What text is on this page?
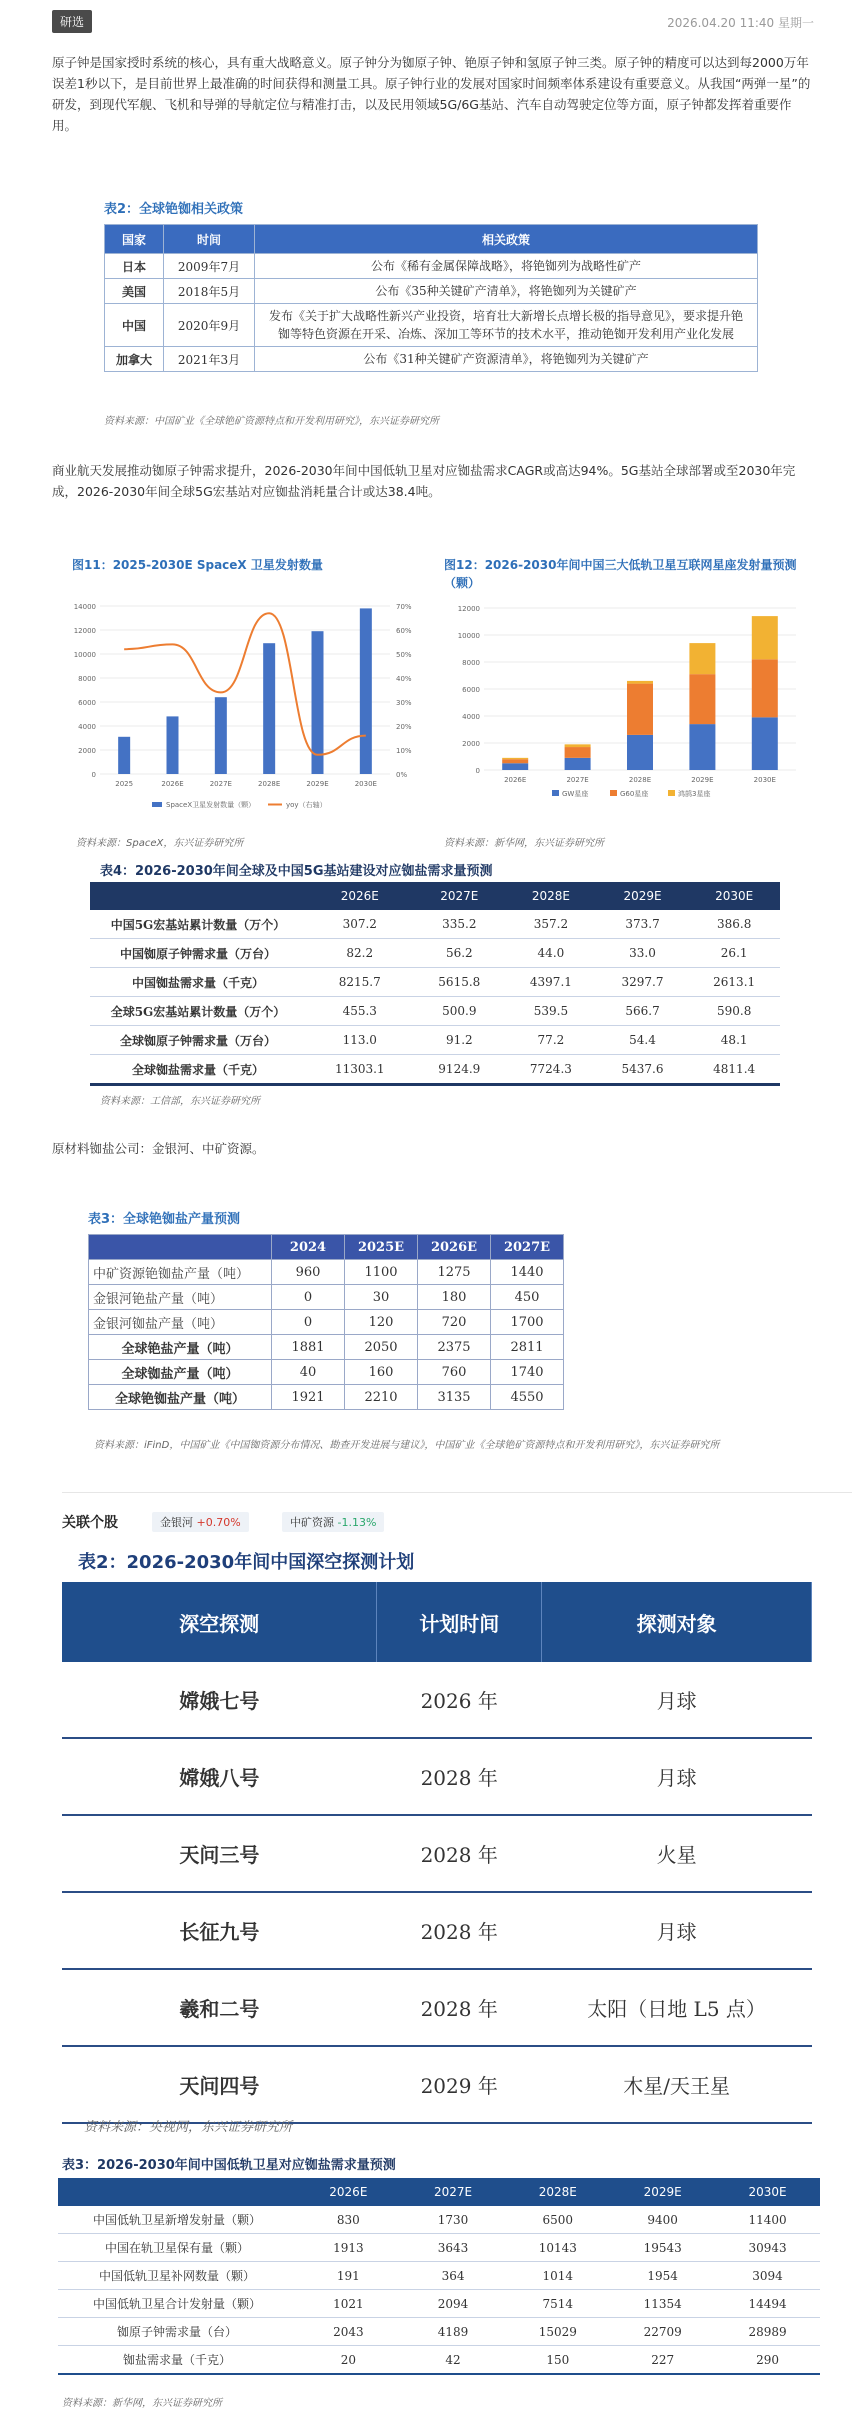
研选	2026.04.20 11:40 星期一

原子钟是国家授时系统的核心，具有重大战略意义。原子钟分为铷原子钟、铯原子钟和氢原子钟三类。原子钟的精度可以达到每2000万年误差1秒以下，是目前世界上最准确的时间获得和测量工具。原子钟行业的发展对国家时间频率体系建设有重要意义。从我国“两弹一星”的研发，到现代军舰、飞机和导弹的导航定位与精准打击，以及民用领域5G/6G基站、汽车自动驾驶定位等方面，原子钟都发挥着重要作用。

表2：全球铯铷相关政策
国家	时间	相关政策
日本	2009年7月	公布《稀有金属保障战略》，将铯铷列为战略性矿产
美国	2018年5月	公布《35种关键矿产清单》，将铯铷列为关键矿产
中国	2020年9月	发布《关于扩大战略性新兴产业投资，培育壮大新增长点增长极的指导意见》，要求提升铯铷等特色资源在开采、冶炼、深加工等环节的技术水平，推动铯铷开发利用产业化发展
加拿大	2021年3月	公布《31种关键矿产资源清单》，将铯铷列为关键矿产
资料来源：中国矿业《全球铯矿资源特点和开发利用研究》，东兴证券研究所

商业航天发展推动铷原子钟需求提升，2026-2030年间中国低轨卫星对应铷盐需求CAGR或高达94%。5G基站全球部署或至2030年完成，2026-2030年间全球5G宏基站对应铷盐消耗量合计或达38.4吨。

图11：2025-2030E SpaceX 卫星发射数量
0
2000
4000
6000
8000
10000
12000
14000
0%
10%
20%
30%
40%
50%
60%
70%
2025	2026E	2027E	2028E	2029E	2030E
SpaceX卫星发射数量（颗）	yoy（右轴）
资料来源：SpaceX，东兴证券研究所
图12：2026-2030年间中国三大低轨卫星互联网星座发射量预测（颗）
0
2000
4000
6000
8000
10000
12000
2026E	2027E	2028E	2029E	2030E
GW星座	G60星座	鸿鹄3星座
资料来源：新华网，东兴证券研究所
表4：2026-2030年间全球及中国5G基站建设对应铷盐需求量预测
	2026E	2027E	2028E	2029E	2030E
中国5G宏基站累计数量（万个）	307.2	335.2	357.2	373.7	386.8
中国铷原子钟需求量（万台）	82.2	56.2	44.0	33.0	26.1
中国铷盐需求量（千克）	8215.7	5615.8	4397.1	3297.7	2613.1
全球5G宏基站累计数量（万个）	455.3	500.9	539.5	566.7	590.8
全球铷原子钟需求量（万台）	113.0	91.2	77.2	54.4	48.1
全球铷盐需求量（千克）	11303.1	9124.9	7724.3	5437.6	4811.4
资料来源：工信部，东兴证券研究所

原材料铷盐公司：金银河、中矿资源。

表3：全球铯铷盐产量预测
	2024	2025E	2026E	2027E
中矿资源铯铷盐产量（吨）	960	1100	1275	1440
金银河铯盐产量（吨）	0	30	180	450
金银河铷盐产量（吨）	0	120	720	1700
全球铯盐产量（吨）	1881	2050	2375	2811
全球铷盐产量（吨）	40	160	760	1740
全球铯铷盐产量（吨）	1921	2210	3135	4550
资料来源：iFinD，中国矿业《中国铷资源分布情况、勘查开发进展与建议》，中国矿业《全球铯矿资源特点和开发利用研究》，东兴证券研究所
关联个股	金银河 +0.70%	中矿资源 -1.13%
表2：2026-2030年间中国深空探测计划
深空探测	计划时间	探测对象
嫦娥七号	2026 年	月球
嫦娥八号	2028 年	月球
天问三号	2028 年	火星
长征九号	2028 年	月球
羲和二号	2028 年	太阳（日地 L5 点）
天问四号	2029 年	木星/天王星
资料来源：央视网，东兴证券研究所
表3：2026-2030年间中国低轨卫星对应铷盐需求量预测
	2026E	2027E	2028E	2029E	2030E
中国低轨卫星新增发射量（颗）	830	1730	6500	9400	11400
中国在轨卫星保有量（颗）	1913	3643	10143	19543	30943
中国低轨卫星补网数量（颗）	191	364	1014	1954	3094
中国低轨卫星合计发射量（颗）	1021	2094	7514	11354	14494
铷原子钟需求量（台）	2043	4189	15029	22709	28989
铷盐需求量（千克）	20	42	150	227	290
资料来源：新华网，东兴证券研究所
